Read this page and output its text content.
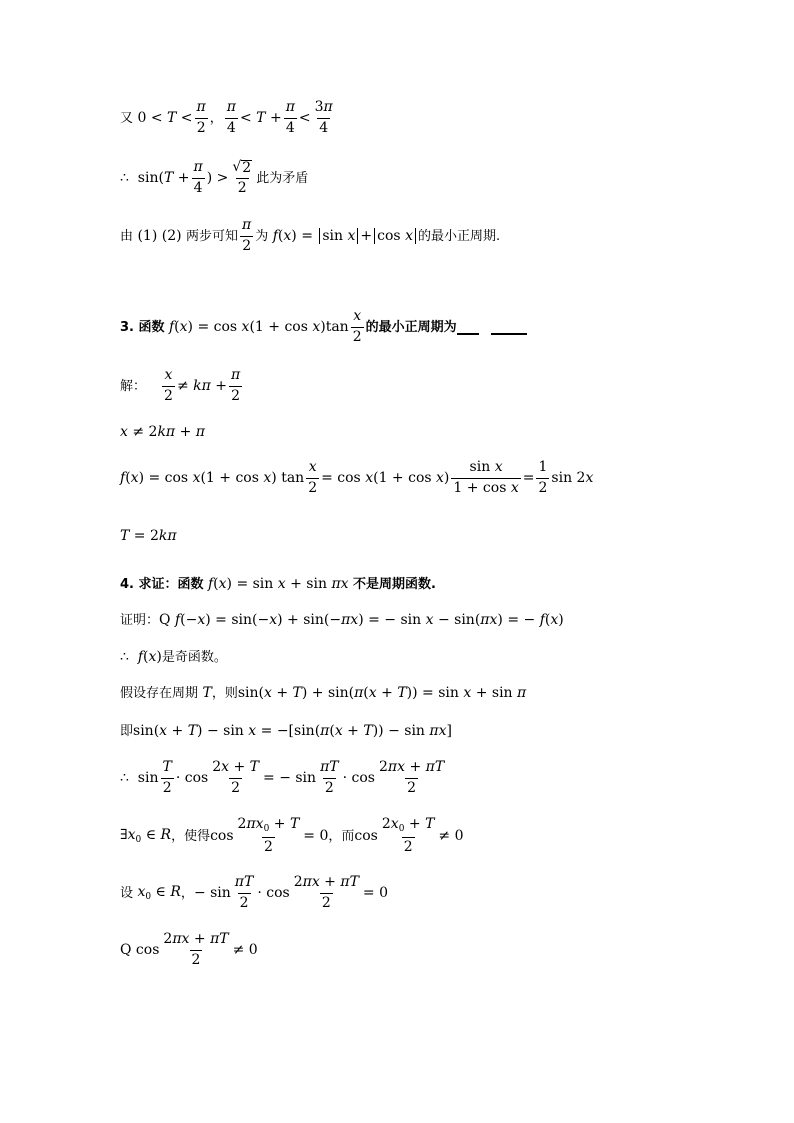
又 $0 < T < \frac{\pi}{2}$ ， $\frac{\pi}{4} < T + \frac{\pi}{4} < \frac{3\pi}{4}$
∴  $\sin(T + \frac{\pi}{4}$ ) > $\frac{√ 2}{2}$ 此为矛盾
由 (1) (2) 两步可知 $\frac{\pi}{2}$ 为 f(x) = sin x + cos x 的最小正周期.
3. 函数 $f(x) = \cos x(1 + \cos x)\tan \frac{x}{2}$ 的最小正周期为
解： $\frac{x}{2} \ne k\pi + \frac{\pi}{2}$
x ≠ 2kπ + π
f(x) = cos x(1 + cos x) $\tan \frac{x}{2} = \cos x(1 + \cos x) \frac{\text{sin x}}{\text{1 + cos x}} = \frac{1}{2}$ sin 2x
T = 2kπ
4. 求证：函数 f(x) = sin x + sin πx 不是周期函数.
证明： Q f(−x) = sin(−x) + sin(−πx) = − sin x − sin(πx) = − f(x)
∴  f(x) 是奇函数。
假设存在周期 T ，则 sin(x + T) + sin(π(x + T)) = sin x + sin π
即 sin(x + T) − sin x = −[sin(π(x + T)) − sin πx]
∴  $\sin \frac{T}{2} \cdot \cos \frac{2x + T}{2}$ = − $\sin \frac{\pi T}{2} \cdot \cos \frac{2\pi x + \pi T}{2}$
$\exists x_0$ ∈ R ，使得 $\cos \frac{2\pi x_0 + T}{2} = 0$ ，而 $\cos \frac{2x_0 + T}{2} \ne 0$
设 $x_0$ ∈ R ， − $\sin \frac{\pi T}{2} \cdot \cos \frac{2\pi x + \pi T}{2} = 0$
Q $\cos \frac{2\pi x + \pi T}{2} \ne 0$
